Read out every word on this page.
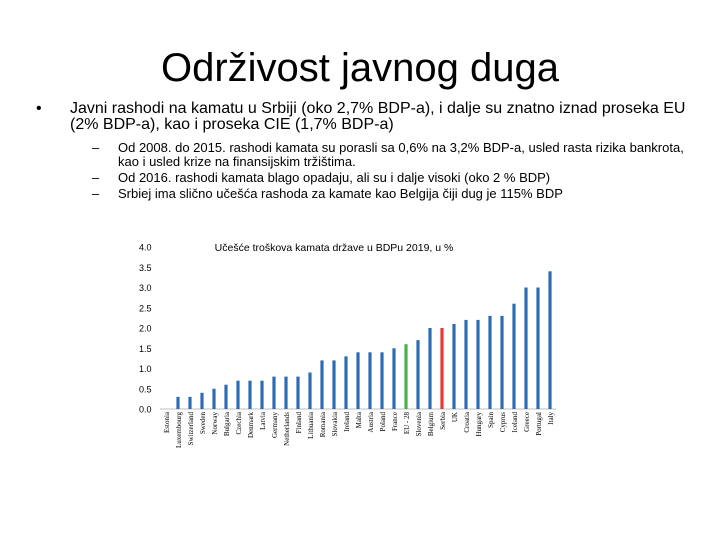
Održivost javnog duga
• Javni rashodi na kamatu u Srbiji (oko 2,7% BDP-a), i dalje su znatno iznad proseka EU (2% BDP-a), kao i proseka CIE (1,7% BDP-a)
– Od 2008. do 2015. rashodi kamata su porasli sa 0,6% na 3,2% BDP-a, usled rasta rizika bankrota, kao i usled krize na finansijskim tržištima.
– Od 2016. rashodi kamata blago opadaju, ali su i dalje visoki (oko 2 % BDP)
– Srbiej ima slično učešća rashoda za kamate kao Belgija čiji dug je 115% BDP
Učešće troškova kamata države u BDPu 2019, u %
0.0
0.5
1.0
1.5
2.0
2.5
3.0
3.5
4.0
Estonia Luxembourg Switzerland Sweden Norway Bulgaria Czechia Denmark Latvia Germany Netherlands Finland Lithuania Romania Slovakia Ireland Malta Austria Poland France EU - 28 Slovenia Belgium Serbia UK Croatia Hungary Spain Cyprus Iceland Greece Portugal Italy
